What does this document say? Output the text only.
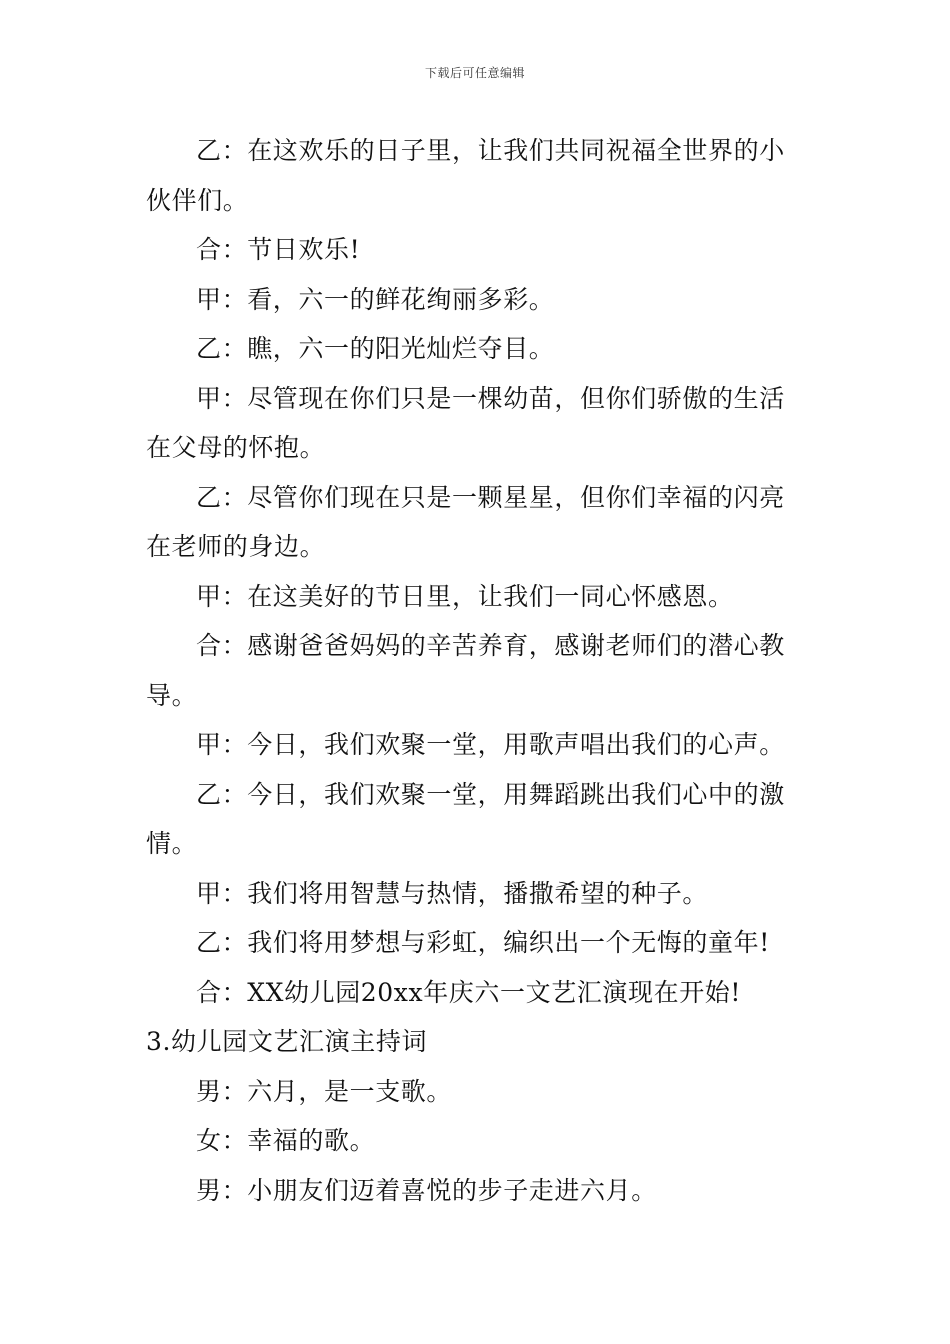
下载后可任意编辑

乙：在这欢乐的日子里，让我们共同祝福全世界的小伙伴们。

合：节日欢乐!

甲：看，六一的鲜花绚丽多彩。

乙：瞧，六一的阳光灿烂夺目。

甲：尽管现在你们只是一棵幼苗，但你们骄傲的生活在父母的怀抱。

乙：尽管你们现在只是一颗星星，但你们幸福的闪亮在老师的身边。

甲：在这美好的节日里，让我们一同心怀感恩。

合：感谢爸爸妈妈的辛苦养育，感谢老师们的潜心教导。

甲：今日，我们欢聚一堂，用歌声唱出我们的心声。

乙：今日，我们欢聚一堂，用舞蹈跳出我们心中的激情。

甲：我们将用智慧与热情，播撒希望的种子。

乙：我们将用梦想与彩虹，编织出一个无悔的童年!

合：XX幼儿园20xx年庆六一文艺汇演现在开始!

3.幼儿园文艺汇演主持词

男：六月，是一支歌。

女：幸福的歌。

男：小朋友们迈着喜悦的步子走进六月。
